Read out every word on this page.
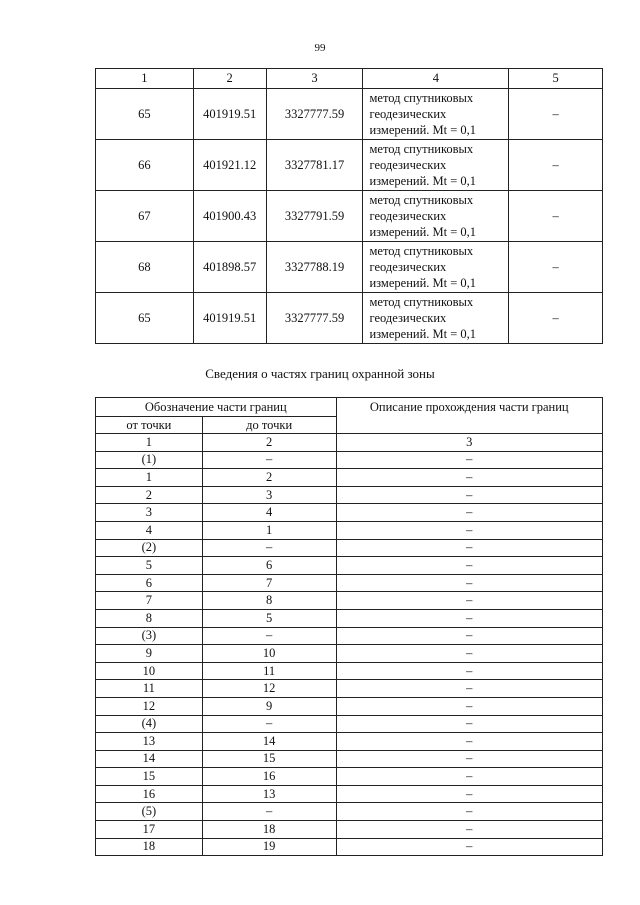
99
1	2	3	4	5
65	401919.51	3327777.59	метод спутниковых
геодезических
измерений. Mt = 0,1	–
66	401921.12	3327781.17	метод спутниковых
геодезических
измерений. Mt = 0,1	–
67	401900.43	3327791.59	метод спутниковых
геодезических
измерений. Mt = 0,1	–
68	401898.57	3327788.19	метод спутниковых
геодезических
измерений. Mt = 0,1	–
65	401919.51	3327777.59	метод спутниковых
геодезических
измерений. Mt = 0,1	–
Сведения о частях границ охранной зоны
Обозначение части границ		Описание прохождения части границ
от точки	до точки	
1	2	3
(1)	–	–
1	2	–
2	3	–
3	4	–
4	1	–
(2)	–	–
5	6	–
6	7	–
7	8	–
8	5	–
(3)	–	–
9	10	–
10	11	–
11	12	–
12	9	–
(4)	–	–
13	14	–
14	15	–
15	16	–
16	13	–
(5)	–	–
17	18	–
18	19	–
